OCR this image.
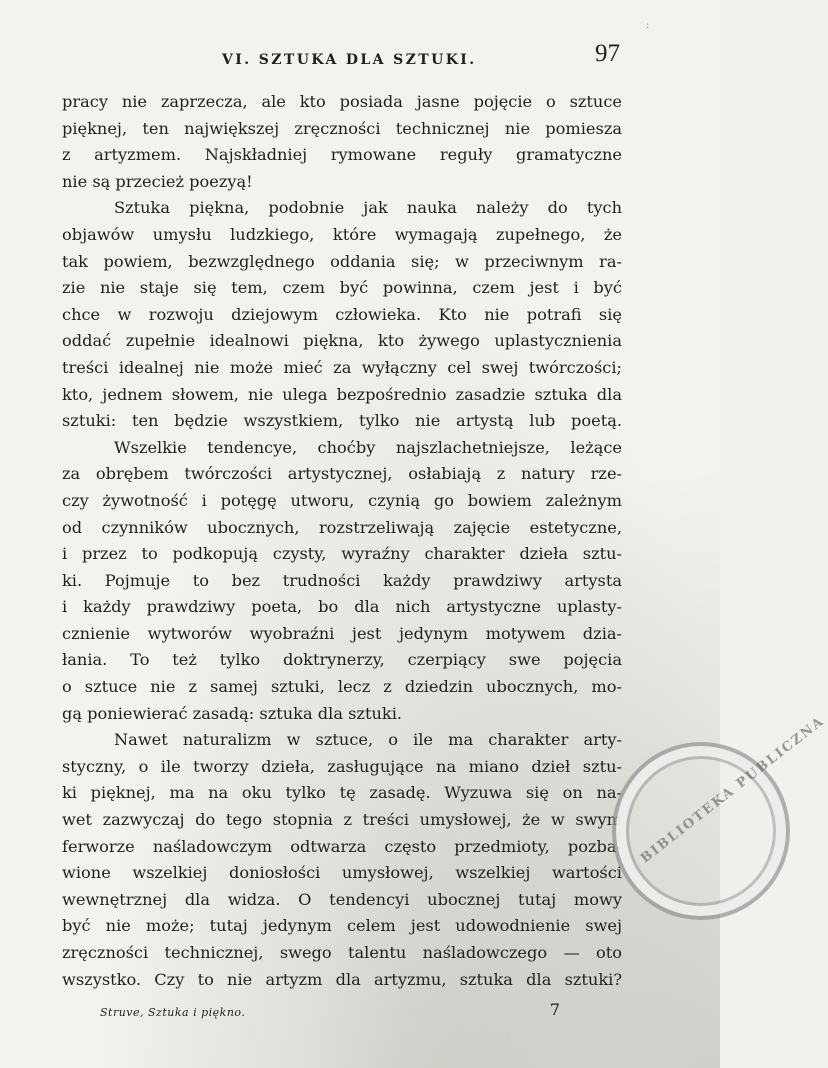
:
VI. SZTUKA DLA SZTUKI.	97
pracy nie zaprzecza, ale kto posiada jasne pojęcie o sztuce
pięknej, ten największej zręczności technicznej nie pomiesza
z artyzmem. Najskładniej rymowane reguły gramatyczne
nie są przecież poezyą!
Sztuka piękna, podobnie jak nauka należy do tych
objawów umysłu ludzkiego, które wymagają zupełnego, że
tak powiem, bezwzględnego oddania się; w przeciwnym ra-
zie nie staje się tem, czem być powinna, czem jest i być
chce w rozwoju dziejowym człowieka. Kto nie potrafi się
oddać zupełnie idealnowi piękna, kto żywego uplastycznienia
treści idealnej nie może mieć za wyłączny cel swej twórczości;
kto, jednem słowem, nie ulega bezpośrednio zasadzie sztuka dla
sztuki: ten będzie wszystkiem, tylko nie artystą lub poetą.
Wszelkie tendencye, choćby najszlachetniejsze, leżące
za obrębem twórczości artystycznej, osłabiają z natury rze-
czy żywotność i potęgę utworu, czynią go bowiem zależnym
od czynników ubocznych, rozstrzeliwają zajęcie estetyczne,
i przez to podkopują czysty, wyraźny charakter dzieła sztu-
ki. Pojmuje to bez trudności każdy prawdziwy artysta
i każdy prawdziwy poeta, bo dla nich artystyczne uplasty-
cznienie wytworów wyobraźni jest jedynym motywem dzia-
łania. To też tylko doktrynerzy, czerpiący swe pojęcia
o sztuce nie z samej sztuki, lecz z dziedzin ubocznych, mo-
gą poniewierać zasadą: sztuka dla sztuki.
Nawet naturalizm w sztuce, o ile ma charakter arty-
styczny, o ile tworzy dzieła, zasługujące na miano dzieł sztu-
ki pięknej, ma na oku tylko tę zasadę. Wyzuwa się on na-
wet zazwyczaj do tego stopnia z treści umysłowej, że w swym
ferworze naśladowczym odtwarza często przedmioty, pozba-
wione wszelkiej doniosłości umysłowej, wszelkiej wartości
wewnętrznej dla widza. O tendencyi ubocznej tutaj mowy
być nie może; tutaj jedynym celem jest udowodnienie swej
zręczności technicznej, swego talentu naśladowczego — oto
wszystko. Czy to nie artyzm dla artyzmu, sztuka dla sztuki?
Struve, Sztuka i piękno.	7
BIBLIOTEKA PUBLICZNA
